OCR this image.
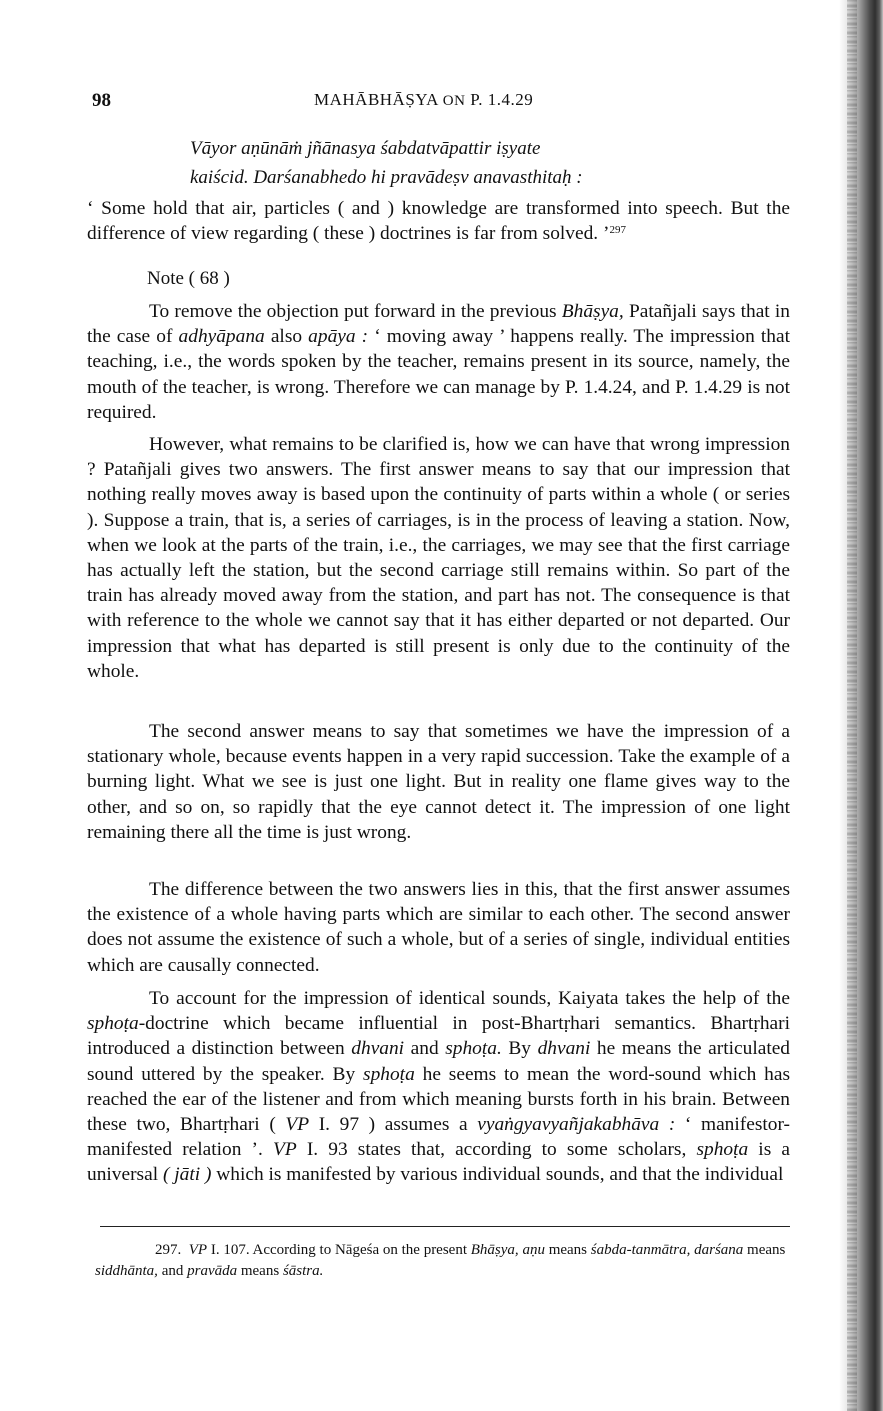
98	MAHĀBHĀṢYA ON P. 1.4.29
Vāyor aṇūnāṁ jñānasya śabdatvāpattir iṣyate
kaiścid. Darśanabhedo hi pravādeṣv anavasthitaḥ :

‘ Some hold that air, particles ( and ) knowledge are transformed into speech. But the difference of view regarding ( these ) doctrines is far from solved. ’$^{297}$

Note ( 68 )

To remove the objection put forward in the previous Bhāṣya, Patañjali says that in the case of adhyāpana also apāya : ‘ moving away ’ happens really. The impression that teaching, i.e., the words spoken by the teacher, remains present in its source, namely, the mouth of the teacher, is wrong. Therefore we can manage by P. 1.4.24, and P. 1.4.29 is not required.

However, what remains to be clarified is, how we can have that wrong impression ? Patañjali gives two answers. The first answer means to say that our impression that nothing really moves away is based upon the continuity of parts within a whole ( or series ). Suppose a train, that is, a series of carriages, is in the process of leaving a station. Now, when we look at the parts of the train, i.e., the carriages, we may see that the first carriage has actually left the station, but the second carriage still remains within. So part of the train has already moved away from the station, and part has not. The consequence is that with reference to the whole we cannot say that it has either departed or not departed. Our impression that what has departed is still present is only due to the continuity of the whole.

The second answer means to say that sometimes we have the impression of a stationary whole, because events happen in a very rapid succession. Take the example of a burning light. What we see is just one light. But in reality one flame gives way to the other, and so on, so rapidly that the eye cannot detect it. The impression of one light remaining there all the time is just wrong.

The difference between the two answers lies in this, that the first answer assumes the existence of a whole having parts which are similar to each other. The second answer does not assume the existence of such a whole, but of a series of single, individual entities which are causally connected.

To account for the impression of identical sounds, Kaiyata takes the help of the sphoṭa-doctrine which became influential in post-Bhartṛhari semantics. Bhartṛhari introduced a distinction between dhvani and sphoṭa. By dhvani he means the articulated sound uttered by the speaker. By sphoṭa he seems to mean the word-sound which has reached the ear of the listener and from which meaning bursts forth in his brain. Between these two, Bhartṛhari ( VP I. 97 ) assumes a vyaṅgyavyañjakabhāva : ‘ manifestor-manifested relation ’. VP I. 93 states that, according to some scholars, sphoṭa is a universal ( jāti ) which is manifested by various individual sounds, and that the individual

297. VP I. 107. According to Nāgeśa on the present Bhāṣya, aṇu means śabda-tanmātra, darśana means siddhānta, and pravāda means śāstra.
